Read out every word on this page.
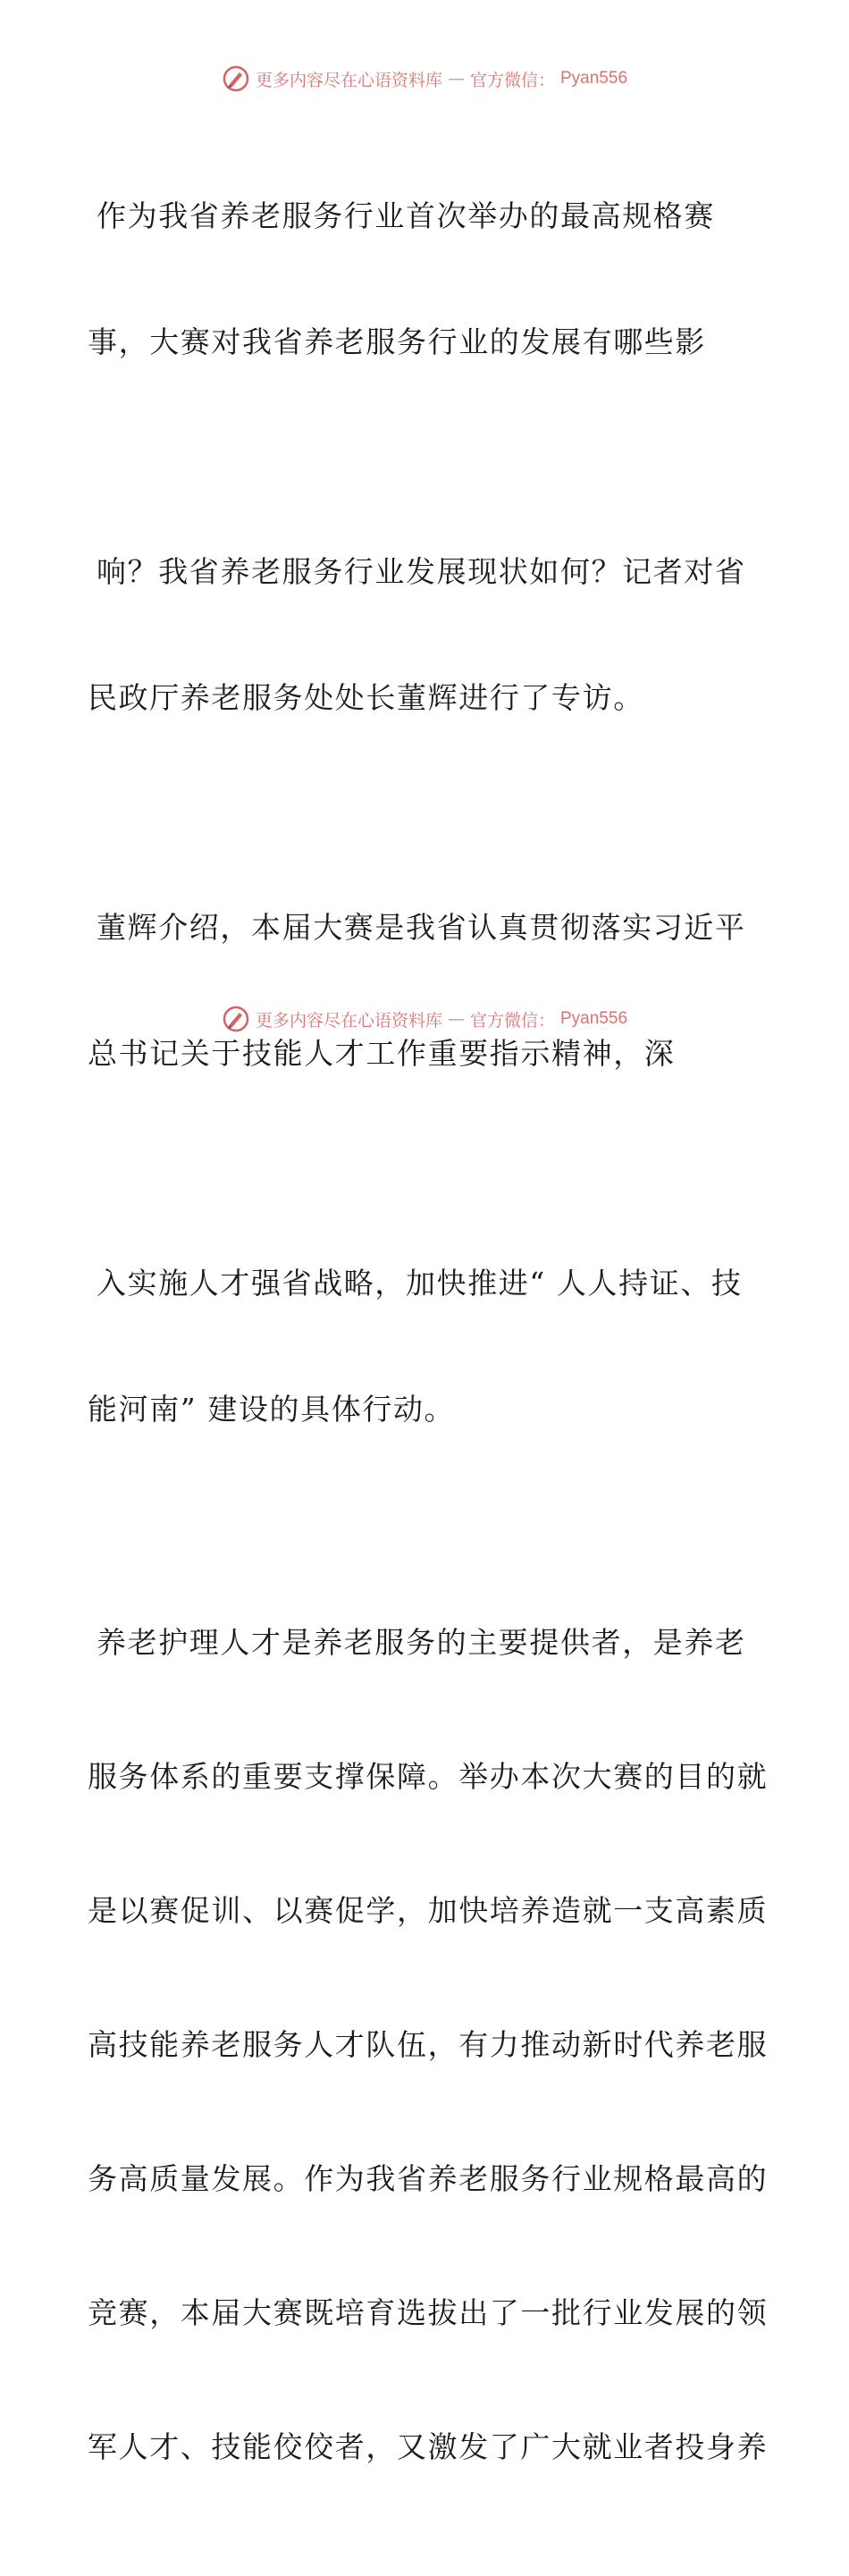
更多内容尽在心语资料库 — 官方微信： Pyan556

作为我省养老服务行业首次举办的最高规格赛

事，大赛对我省养老服务行业的发展有哪些影

响？我省养老服务行业发展现状如何？记者对省

民政厅养老服务处处长董辉进行了专访。

董辉介绍，本届大赛是我省认真贯彻落实习近平

总书记关于技能人才工作重要指示精神，深

入实施人才强省战略，加快推进“ 人人持证、技

能河南” 建设的具体行动。

养老护理人才是养老服务的主要提供者，是养老

服务体系的重要支撑保障。举办本次大赛的目的就

是以赛促训、以赛促学，加快培养造就一支高素质

高技能养老服务人才队伍，有力推动新时代养老服

务高质量发展。作为我省养老服务行业规格最高的

竞赛，本届大赛既培育选拔出了一批行业发展的领

军人才、技能佼佼者，又激发了广大就业者投身养

更多内容尽在心语资料库 — 官方微信： Pyan556
